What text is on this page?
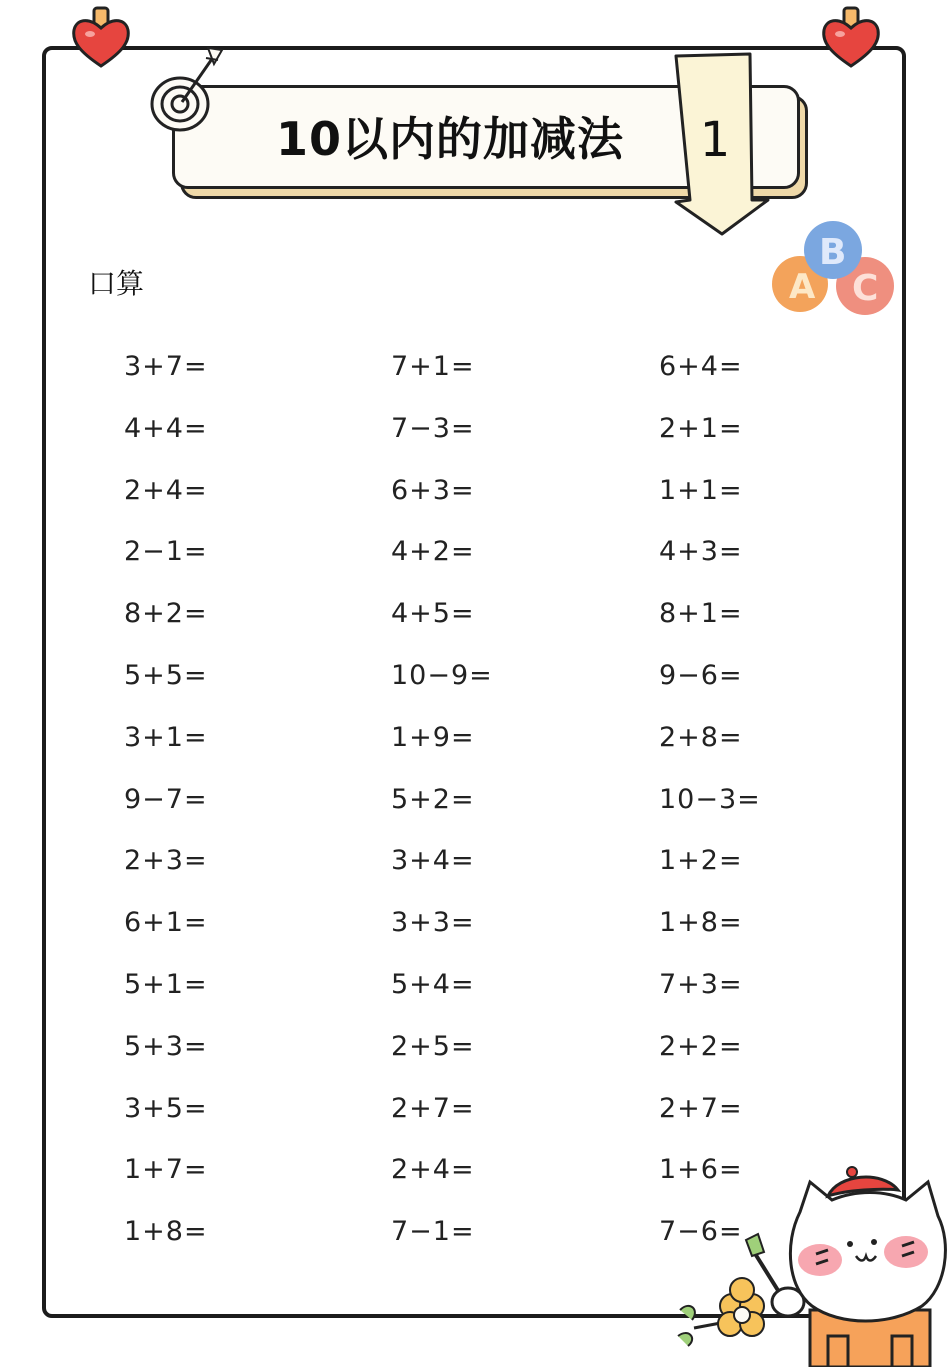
10以内的加减法	1
A
B
C
口算
3+7=	7+1=	6+4=
4+4=	7−3=	2+1=
2+4=	6+3=	1+1=
2−1=	4+2=	4+3=
8+2=	4+5=	8+1=
5+5=	10−9=	9−6=
3+1=	1+9=	2+8=
9−7=	5+2=	10−3=
2+3=	3+4=	1+2=
6+1=	3+3=	1+8=
5+1=	5+4=	7+3=
5+3=	2+5=	2+2=
3+5=	2+7=	2+7=
1+7=	2+4=	1+6=
1+8=	7−1=	7−6=
